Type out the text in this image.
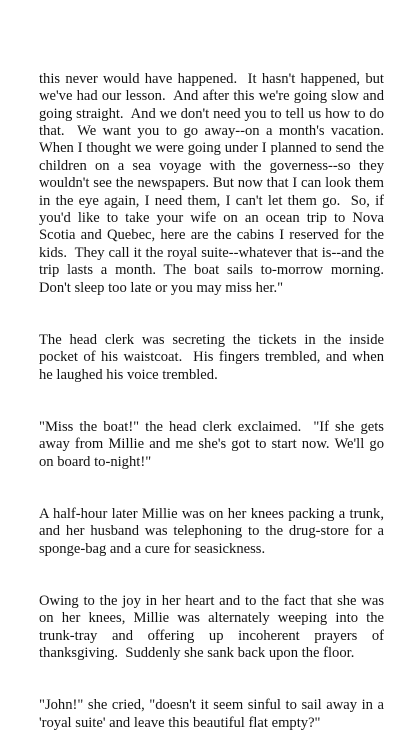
this never would have happened.  It hasn't happened, but we've had our lesson.  And after this we're going slow and going straight.  And we don't need you to tell us how to do that.  We want you to go away--on a month's vacation. When I thought we were going under I planned to send the children on a sea voyage with the governess--so they wouldn't see the newspapers. But now that I can look them in the eye again, I need them, I can't let them go.  So, if you'd like to take your wife on an ocean trip to Nova Scotia and Quebec, here are the cabins I reserved for the kids.  They call it the royal suite--whatever that is--and the trip lasts a month. The boat sails to-morrow morning.  Don't sleep too late or you may miss her."

The head clerk was secreting the tickets in the inside pocket of his waistcoat.  His fingers trembled, and when he laughed his voice trembled.

"Miss the boat!" the head clerk exclaimed.  "If she gets away from Millie and me she's got to start now. We'll go on board to-night!"

A half-hour later Millie was on her knees packing a trunk, and her husband was telephoning to the drug-store for a sponge-bag and a cure for seasickness.

Owing to the joy in her heart and to the fact that she was on her knees, Millie was alternately weeping into the trunk-tray and offering up incoherent prayers of thanksgiving.  Suddenly she sank back upon the floor.

"John!" she cried, "doesn't it seem sinful to sail away in a 'royal suite' and leave this beautiful flat empty?"
